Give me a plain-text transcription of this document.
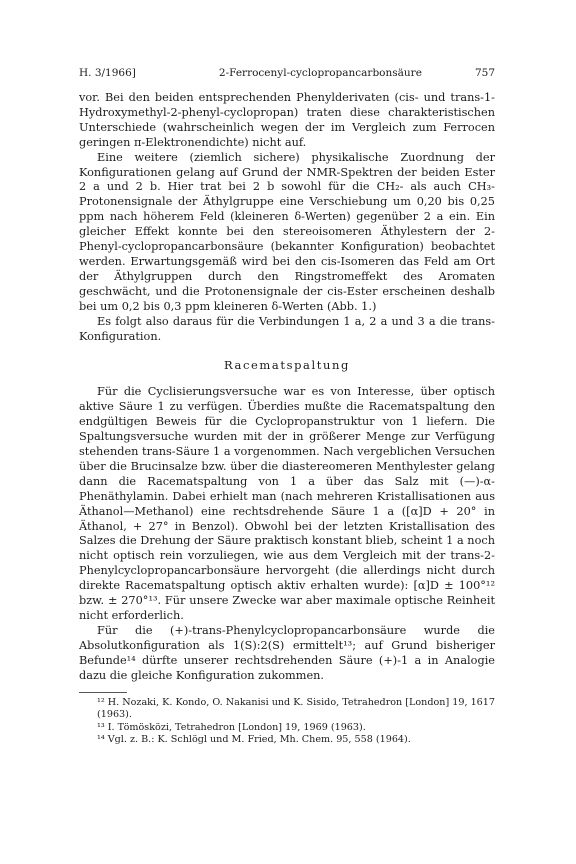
H. 3/1966]	2-Ferrocenyl-cyclopropancarbonsäure	757

vor. Bei den beiden entsprechenden Phenylderivaten (cis- und trans-1-Hydroxymethyl-2-phenyl-cyclopropan) traten diese charakteristischen Unterschiede (wahrscheinlich wegen der im Vergleich zum Ferrocen geringen π-Elektronendichte) nicht auf.

Eine weitere (ziemlich sichere) physikalische Zuordnung der Konfigurationen gelang auf Grund der NMR-Spektren der beiden Ester 2 a und 2 b. Hier trat bei 2 b sowohl für die CH₂- als auch CH₃-Protonensignale der Äthylgruppe eine Verschiebung um 0,20 bis 0,25 ppm nach höherem Feld (kleineren δ-Werten) gegenüber 2 a ein. Ein gleicher Effekt konnte bei den stereoisomeren Äthylestern der 2-Phenyl-cyclopropancarbonsäure (bekannter Konfiguration) beobachtet werden. Erwartungsgemäß wird bei den cis-Isomeren das Feld am Ort der Äthylgruppen durch den Ringstromeffekt des Aromaten geschwächt, und die Protonensignale der cis-Ester erscheinen deshalb bei um 0,2 bis 0,3 ppm kleineren δ-Werten (Abb. 1.)

Es folgt also daraus für die Verbindungen 1 a, 2 a und 3 a die trans-Konfiguration.

Racematspaltung

Für die Cyclisierungsversuche war es von Interesse, über optisch aktive Säure 1 zu verfügen. Überdies mußte die Racematspaltung den endgültigen Beweis für die Cyclopropanstruktur von 1 liefern. Die Spaltungsversuche wurden mit der in größerer Menge zur Verfügung stehenden trans-Säure 1 a vorgenommen. Nach vergeblichen Versuchen über die Brucinsalze bzw. über die diastereomeren Menthylester gelang dann die Racematspaltung von 1 a über das Salz mit (—)-α-Phenäthylamin. Dabei erhielt man (nach mehreren Kristallisationen aus Äthanol—Methanol) eine rechtsdrehende Säure 1 a ([α]D + 20° in Äthanol, + 27° in Benzol). Obwohl bei der letzten Kristallisation des Salzes die Drehung der Säure praktisch konstant blieb, scheint 1 a noch nicht optisch rein vorzuliegen, wie aus dem Vergleich mit der trans-2-Phenylcyclopropancarbonsäure hervorgeht (die allerdings nicht durch direkte Racematspaltung optisch aktiv erhalten wurde): [α]D ± 100°¹² bzw. ± 270°¹³. Für unsere Zwecke war aber maximale optische Reinheit nicht erforderlich.

Für die (+)-trans-Phenylcyclopropancarbonsäure wurde die Absolutkonfiguration als 1(S):2(S) ermittelt¹³; auf Grund bisheriger Befunde¹⁴ dürfte unserer rechtsdrehenden Säure (+)-1 a in Analogie dazu die gleiche Konfiguration zukommen.

¹² H. Nozaki, K. Kondo, O. Nakanisi und K. Sisido, Tetrahedron [London] 19, 1617 (1963).

¹³ I. Tömösközi, Tetrahedron [London] 19, 1969 (1963).

¹⁴ Vgl. z. B.: K. Schlögl und M. Fried, Mh. Chem. 95, 558 (1964).
